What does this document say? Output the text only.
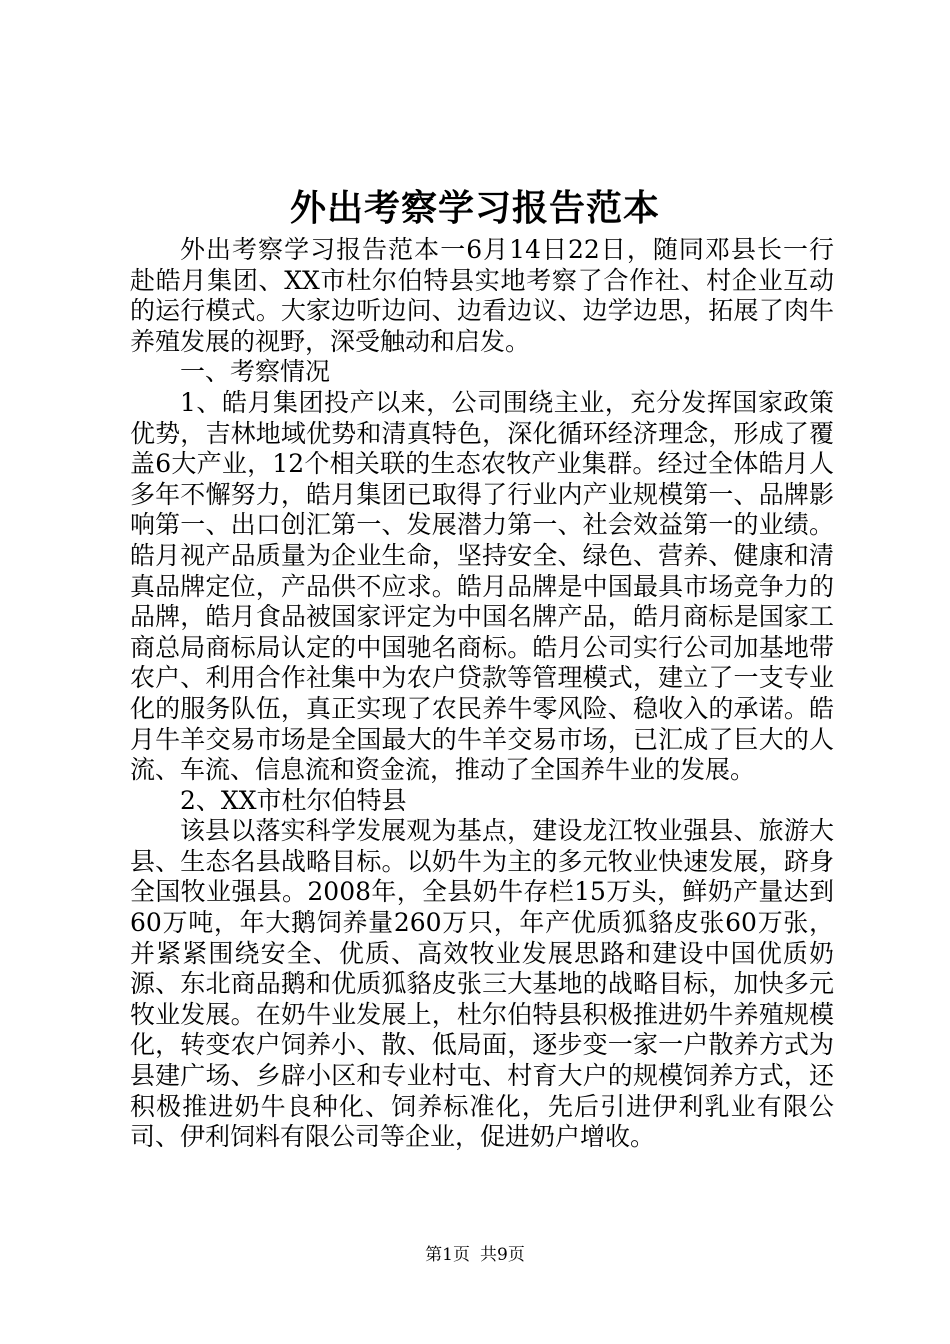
外出考察学习报告范本

外出考察学习报告范本一6月14日22日，随同邓县长一行赴皓月集团、XX市杜尔伯特县实地考察了合作社、村企业互动的运行模式。大家边听边问、边看边议、边学边思，拓展了肉牛养殖发展的视野，深受触动和启发。

一、考察情况

1、皓月集团投产以来，公司围绕主业，充分发挥国家政策优势，吉林地域优势和清真特色，深化循环经济理念，形成了覆盖6大产业，12个相关联的生态农牧产业集群。经过全体皓月人多年不懈努力，皓月集团已取得了行业内产业规模第一、品牌影响第一、出口创汇第一、发展潜力第一、社会效益第一的业绩。皓月视产品质量为企业生命，坚持安全、绿色、营养、健康和清真品牌定位，产品供不应求。皓月品牌是中国最具市场竞争力的品牌，皓月食品被国家评定为中国名牌产品，皓月商标是国家工商总局商标局认定的中国驰名商标。皓月公司实行公司加基地带农户、利用合作社集中为农户贷款等管理模式，建立了一支专业化的服务队伍，真正实现了农民养牛零风险、稳收入的承诺。皓月牛羊交易市场是全国最大的牛羊交易市场，已汇成了巨大的人流、车流、信息流和资金流，推动了全国养牛业的发展。

2、XX市杜尔伯特县

该县以落实科学发展观为基点，建设龙江牧业强县、旅游大县、生态名县战略目标。以奶牛为主的多元牧业快速发展，跻身全国牧业强县。2008年，全县奶牛存栏15万头，鲜奶产量达到60万吨，年大鹅饲养量260万只，年产优质狐貉皮张60万张，并紧紧围绕安全、优质、高效牧业发展思路和建设中国优质奶源、东北商品鹅和优质狐貉皮张三大基地的战略目标，加快多元牧业发展。在奶牛业发展上，杜尔伯特县积极推进奶牛养殖规模化，转变农户饲养小、散、低局面，逐步变一家一户散养方式为县建广场、乡辟小区和专业村屯、村育大户的规模饲养方式，还积极推进奶牛良种化、饲养标准化，先后引进伊利乳业有限公司、伊利饲料有限公司等企业，促进奶户增收。

第1页 共9页
